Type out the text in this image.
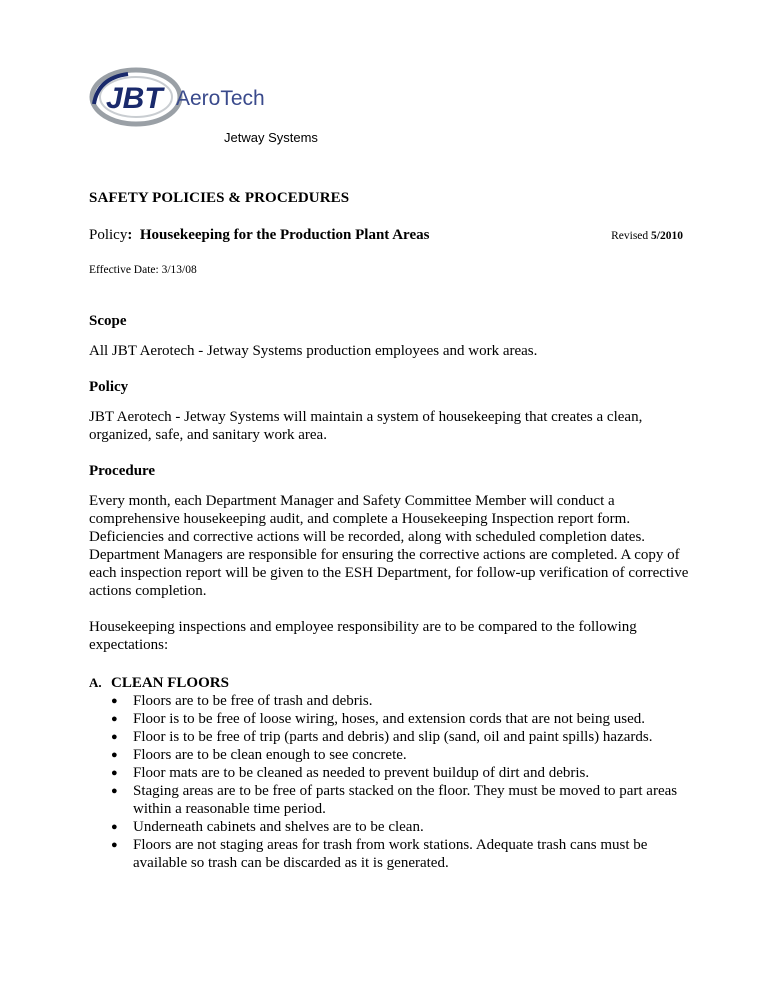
JBT AeroTech
Jetway Systems
SAFETY POLICIES & PROCEDURES
Policy: Housekeeping for the Production Plant Areas	Revised 5/2010
Effective Date: 3/13/08
Scope

All JBT Aerotech - Jetway Systems production employees and work areas.

Policy

JBT Aerotech - Jetway Systems will maintain a system of housekeeping that creates a clean, organized, safe, and sanitary work area.

Procedure

Every month, each Department Manager and Safety Committee Member will conduct a comprehensive housekeeping audit, and complete a Housekeeping Inspection report form. Deficiencies and corrective actions will be recorded, along with scheduled completion dates. Department Managers are responsible for ensuring the corrective actions are completed. A copy of each inspection report will be given to the ESH Department, for follow-up verification of corrective actions completion.

Housekeeping inspections and employee responsibility are to be compared to the following expectations:

A. CLEAN FLOORS
● Floors are to be free of trash and debris.
● Floor is to be free of loose wiring, hoses, and extension cords that are not being used.
● Floor is to be free of trip (parts and debris) and slip (sand, oil and paint spills) hazards.
● Floors are to be clean enough to see concrete.
● Floor mats are to be cleaned as needed to prevent buildup of dirt and debris.
● Staging areas are to be free of parts stacked on the floor. They must be moved to part areas within a reasonable time period.
● Underneath cabinets and shelves are to be clean.
● Floors are not staging areas for trash from work stations. Adequate trash cans must be available so trash can be discarded as it is generated.
